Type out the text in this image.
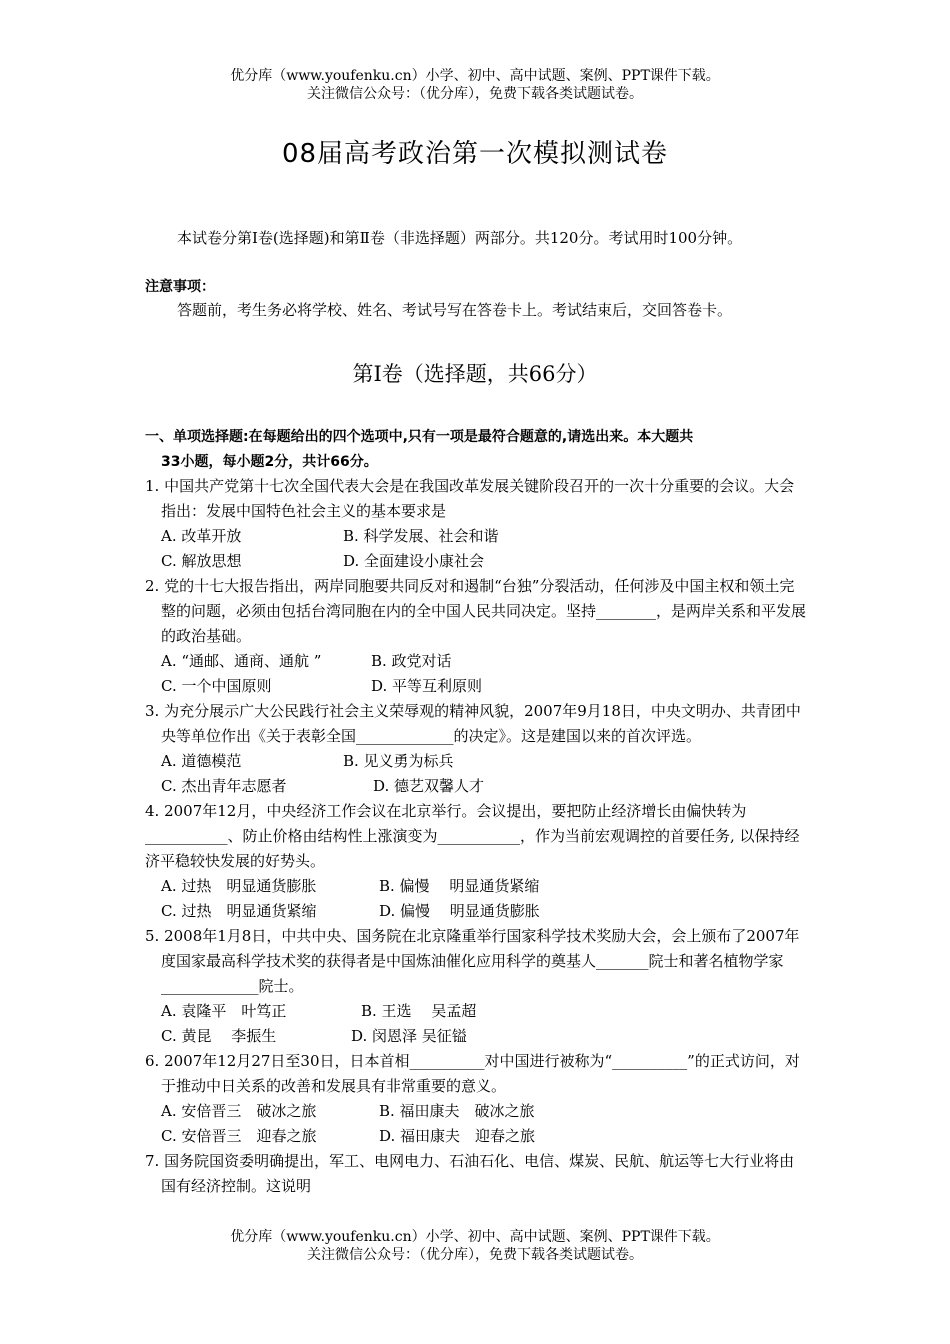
优分库（www.youfenku.cn）小学、初中、高中试题、案例、PPT课件下载。
关注微信公众号：（优分库），免费下载各类试题试卷。
08届高考政治第一次模拟测试卷
本试卷分第Ⅰ卷(选择题)和第Ⅱ卷（非选择题）两部分。共120分。考试用时100分钟。
注意事项：
答题前，考生务必将学校、姓名、考试号写在答卷卡上。考试结束后，交回答卷卡。
第Ⅰ卷（选择题，共66分）
一、单项选择题:在每题给出的四个选项中,只有一项是最符合题意的,请选出来。本大题共
33小题，每小题2分，共计66分。
1. 中国共产党第十七次全国代表大会是在我国改革发展关键阶段召开的一次十分重要的会议。大会指出：发展中国特色社会主义的基本要求是
A. 改革开放	B. 科学发展、社会和谐
C. 解放思想	D. 全面建设小康社会
2. 党的十七大报告指出，两岸同胞要共同反对和遏制“台独”分裂活动，任何涉及中国主权和领土完整的问题，必须由包括台湾同胞在内的全中国人民共同决定。坚持________，是两岸关系和平发展的政治基础。
A. “通邮、通商、通航 ”	B. 政党对话
C. 一个中国原则	D. 平等互利原则
3. 为充分展示广大公民践行社会主义荣辱观的精神风貌，2007年9月18日，中央文明办、共青团中央等单位作出《关于表彰全国_____________的决定》。这是建国以来的首次评选。
A. 道德模范	B. 见义勇为标兵
C. 杰出青年志愿者	D. 德艺双馨人才
4. 2007年12月，中央经济工作会议在北京举行。会议提出，要把防止经济增长由偏快转为___________、防止价格由结构性上涨演变为___________，作为当前宏观调控的首要任务, 以保持经济平稳较快发展的好势头。
A. 过热　明显通货膨胀	B. 偏慢　 明显通货紧缩
C. 过热　明显通货紧缩	D. 偏慢　 明显通货膨胀
5. 2008年1月8日，中共中央、国务院在北京隆重举行国家科学技术奖励大会，会上颁布了2007年度国家最高科学技术奖的获得者是中国炼油催化应用科学的奠基人_______院士和著名植物学家_____________院士。
A. 袁隆平　叶笃正	B. 王选　 吴孟超
C. 黄昆　 李振生	D. 闵恩泽 吴征镒
6. 2007年12月27日至30日，日本首相__________对中国进行被称为“__________”的正式访问，对于推动中日关系的改善和发展具有非常重要的意义。
A. 安倍晋三　破冰之旅	B. 福田康夫　破冰之旅
C. 安倍晋三　迎春之旅	D. 福田康夫　迎春之旅
7. 国务院国资委明确提出，军工、电网电力、石油石化、电信、煤炭、民航、航运等七大行业将由国有经济控制。这说明
优分库（www.youfenku.cn）小学、初中、高中试题、案例、PPT课件下载。
关注微信公众号：（优分库），免费下载各类试题试卷。
